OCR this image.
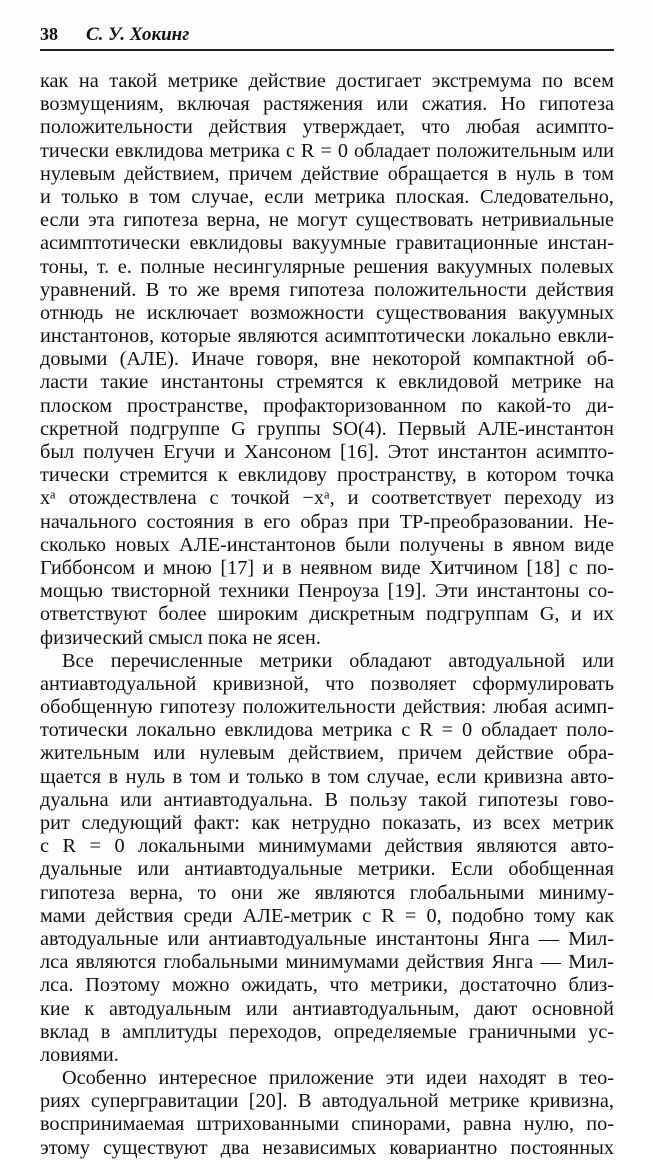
38 С. У. Хокинг
как на такой метрике действие достигает экстремума по всем
возмущениям, включая растяжения или сжатия. Но гипотеза
положительности действия утверждает, что любая асимпто-
тически евклидова метрика с R = 0 обладает положительным или
нулевым действием, причем действие обращается в нуль в том
и только в том случае, если метрика плоская. Следовательно,
если эта гипотеза верна, не могут существовать нетривиальные
асимптотически евклидовы вакуумные гравитационные инстан-
тоны, т. е. полные несингулярные решения вакуумных полевых
уравнений. В то же время гипотеза положительности действия
отнюдь не исключает возможности существования вакуумных
инстантонов, которые являются асимптотически локально евкли-
довыми (АЛЕ). Иначе говоря, вне некоторой компактной об-
ласти такие инстантоны стремятся к евклидовой метрике на
плоском пространстве, профакторизованном по какой-то ди-
скретной подгруппе G группы SO(4). Первый АЛЕ-инстантон
был получен Егучи и Хансоном [16]. Этот инстантон асимпто-
тически стремится к евклидову пространству, в котором точка
xᵃ отождествлена с точкой −xᵃ, и соответствует переходу из
начального состояния в его образ при TP-преобразовании. Не-
сколько новых АЛЕ-инстантонов были получены в явном виде
Гиббонсом и мною [17] и в неявном виде Хитчином [18] с по-
мощью твисторной техники Пенроуза [19]. Эти инстантоны со-
ответствуют более широким дискретным подгруппам G, и их
физический смысл пока не ясен.
Все перечисленные метрики обладают автодуальной или
антиавтодуальной кривизной, что позволяет сформулировать
обобщенную гипотезу положительности действия: любая асимп-
тотически локально евклидова метрика с R = 0 обладает поло-
жительным или нулевым действием, причем действие обра-
щается в нуль в том и только в том случае, если кривизна авто-
дуальна или антиавтодуальна. В пользу такой гипотезы гово-
рит следующий факт: как нетрудно показать, из всех метрик
с R = 0 локальными минимумами действия являются авто-
дуальные или антиавтодуальные метрики. Если обобщенная
гипотеза верна, то они же являются глобальными миниму-
мами действия среди АЛЕ-метрик с R = 0, подобно тому как
автодуальные или антиавтодуальные инстантоны Янга — Мил-
лса являются глобальными минимумами действия Янга — Мил-
лса. Поэтому можно ожидать, что метрики, достаточно близ-
кие к автодуальным или антиавтодуальным, дают основной
вклад в амплитуды переходов, определяемые граничными ус-
ловиями.
Особенно интересное приложение эти идеи находят в тео-
риях супергравитации [20]. В автодуальной метрике кривизна,
воспринимаемая штрихованными спинорами, равна нулю, по-
этому существуют два независимых ковариантно постоянных
